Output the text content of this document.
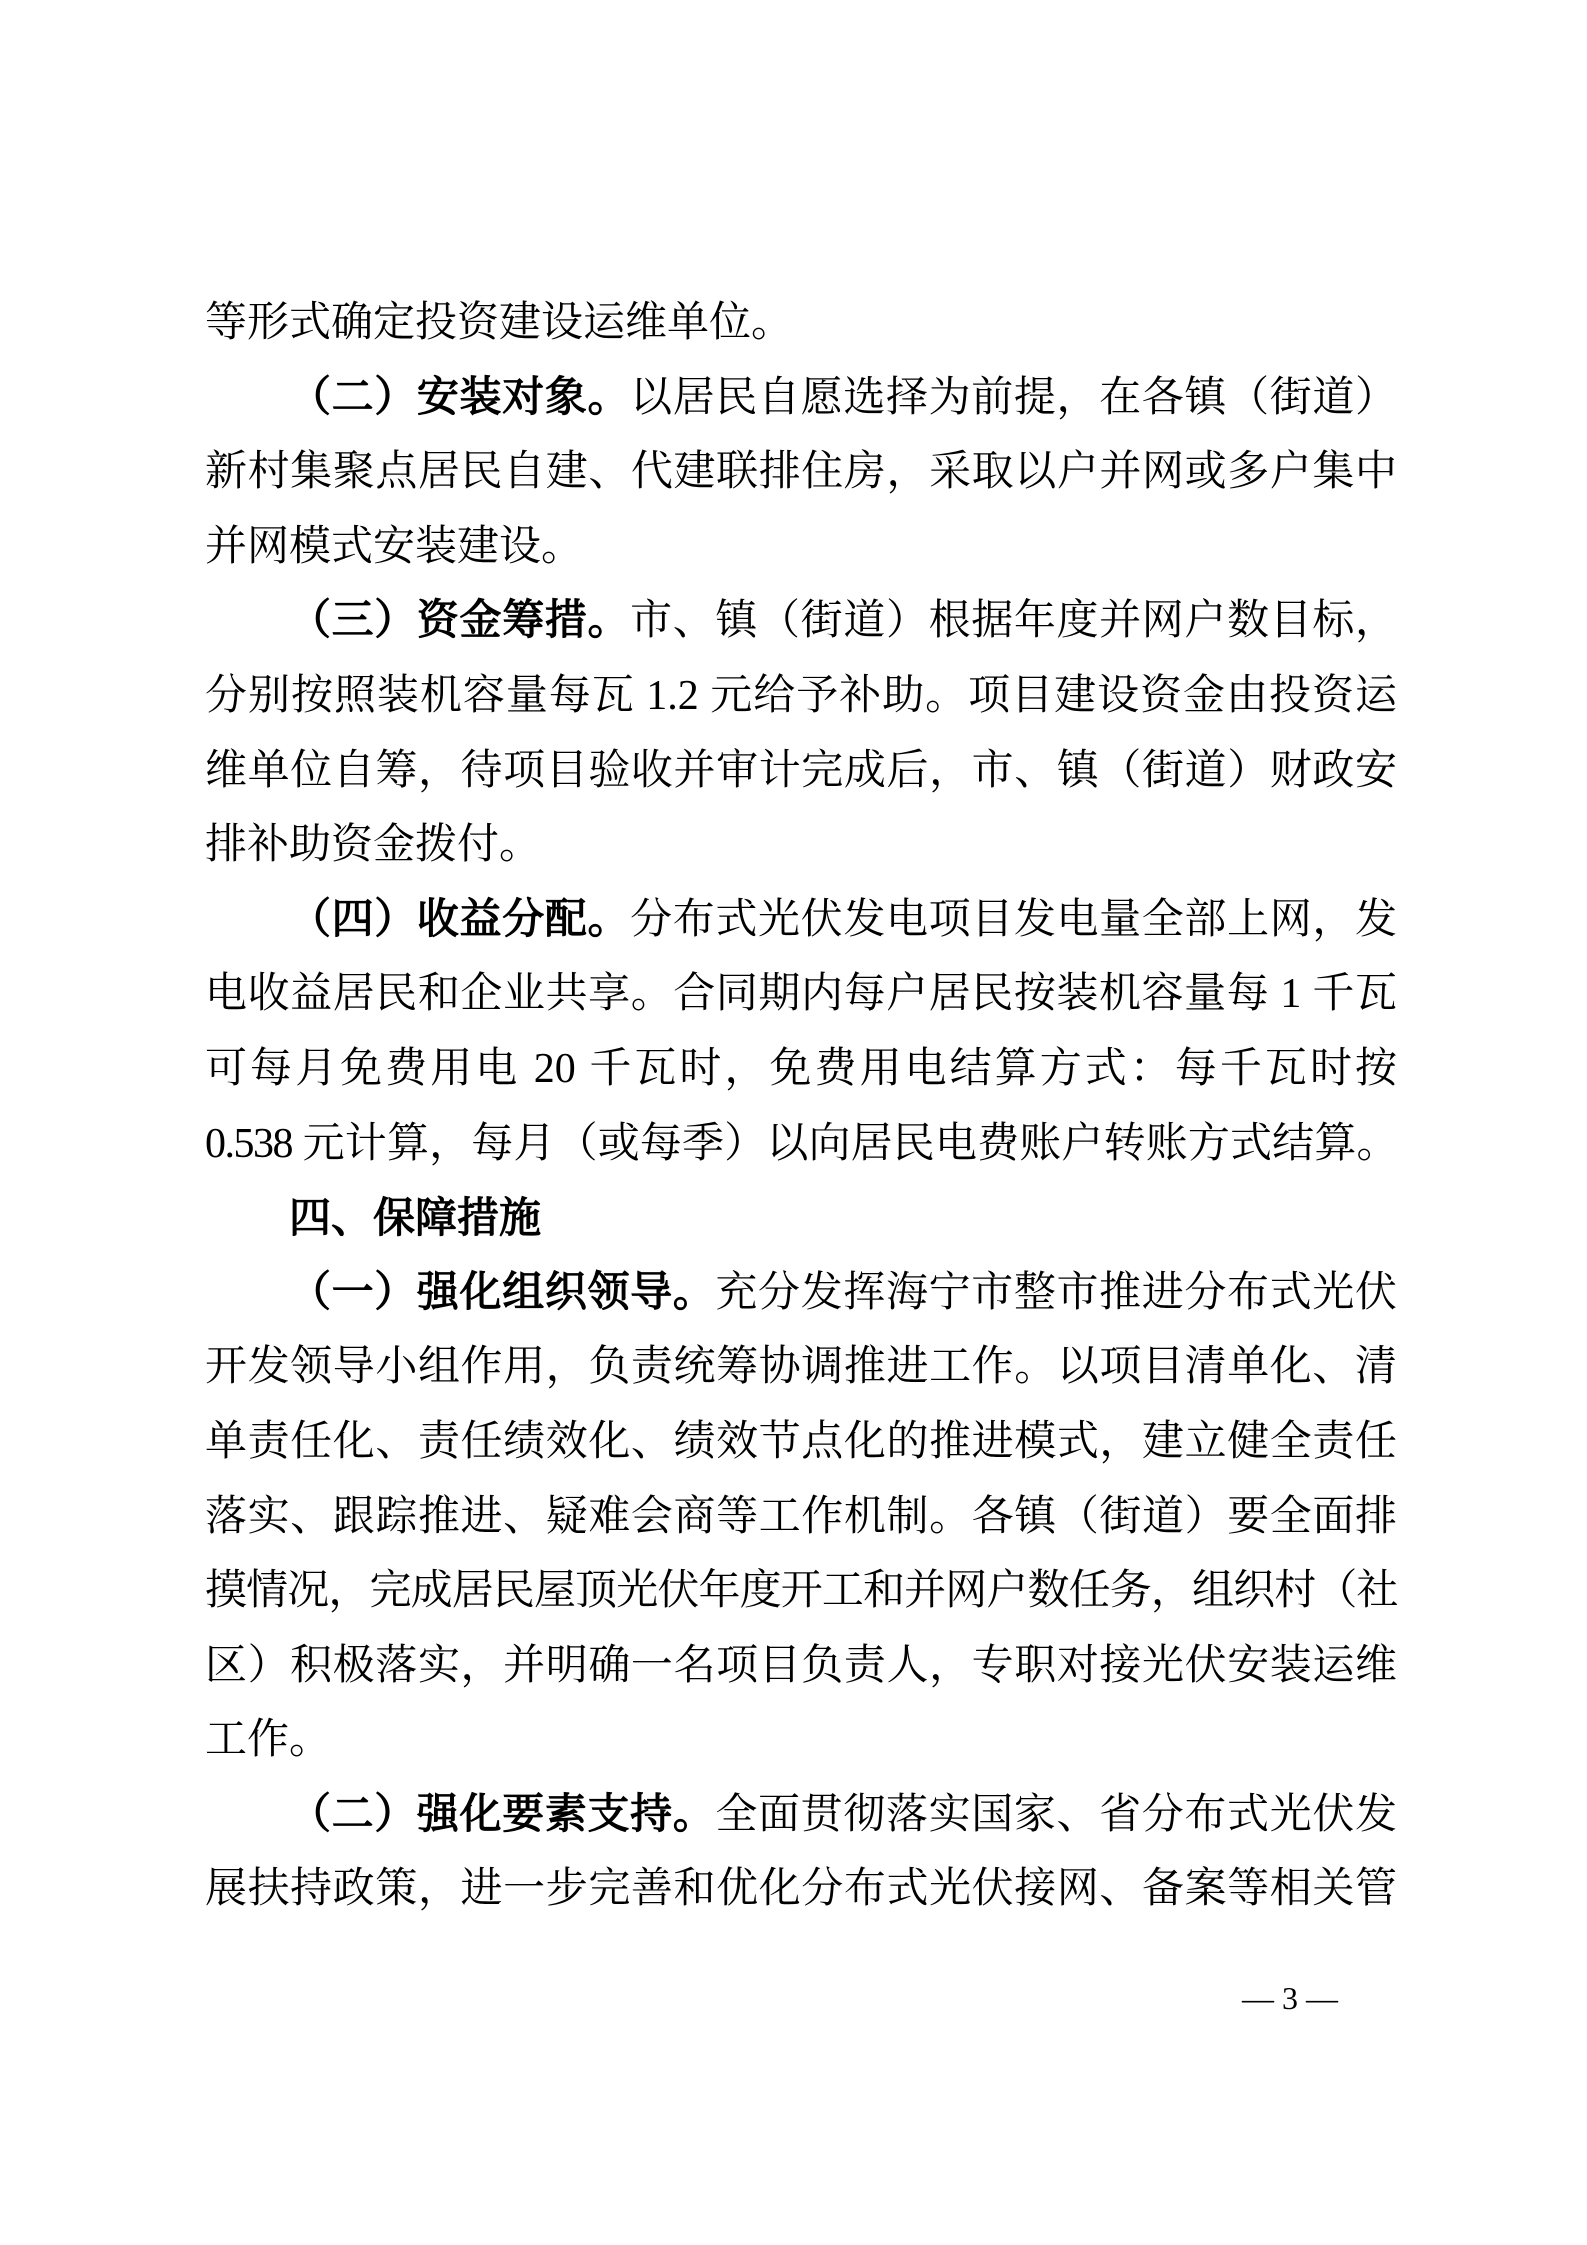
等形式确定投资建设运维单位。

（二）安装对象。以居民自愿选择为前提，在各镇（街道）

新村集聚点居民自建、代建联排住房，采取以户并网或多户集中

并网模式安装建设。

（三）资金筹措。市、镇（街道）根据年度并网户数目标，

分别按照装机容量每瓦 1.2 元给予补助。项目建设资金由投资运

维单位自筹，待项目验收并审计完成后，市、镇（街道）财政安

排补助资金拨付。

（四）收益分配。分布式光伏发电项目发电量全部上网，发

电收益居民和企业共享。合同期内每户居民按装机容量每 1 千瓦

可每月免费用电 20 千瓦时，免费用电结算方式：每千瓦时按

0.538 元计算，每月（或每季）以向居民电费账户转账方式结算。

四、保障措施

（一）强化组织领导。充分发挥海宁市整市推进分布式光伏

开发领导小组作用，负责统筹协调推进工作。以项目清单化、清

单责任化、责任绩效化、绩效节点化的推进模式，建立健全责任

落实、跟踪推进、疑难会商等工作机制。各镇（街道）要全面排

摸情况，完成居民屋顶光伏年度开工和并网户数任务，组织村（社

区）积极落实，并明确一名项目负责人，专职对接光伏安装运维

工作。

（二）强化要素支持。全面贯彻落实国家、省分布式光伏发

展扶持政策，进一步完善和优化分布式光伏接网、备案等相关管

— 3 —
